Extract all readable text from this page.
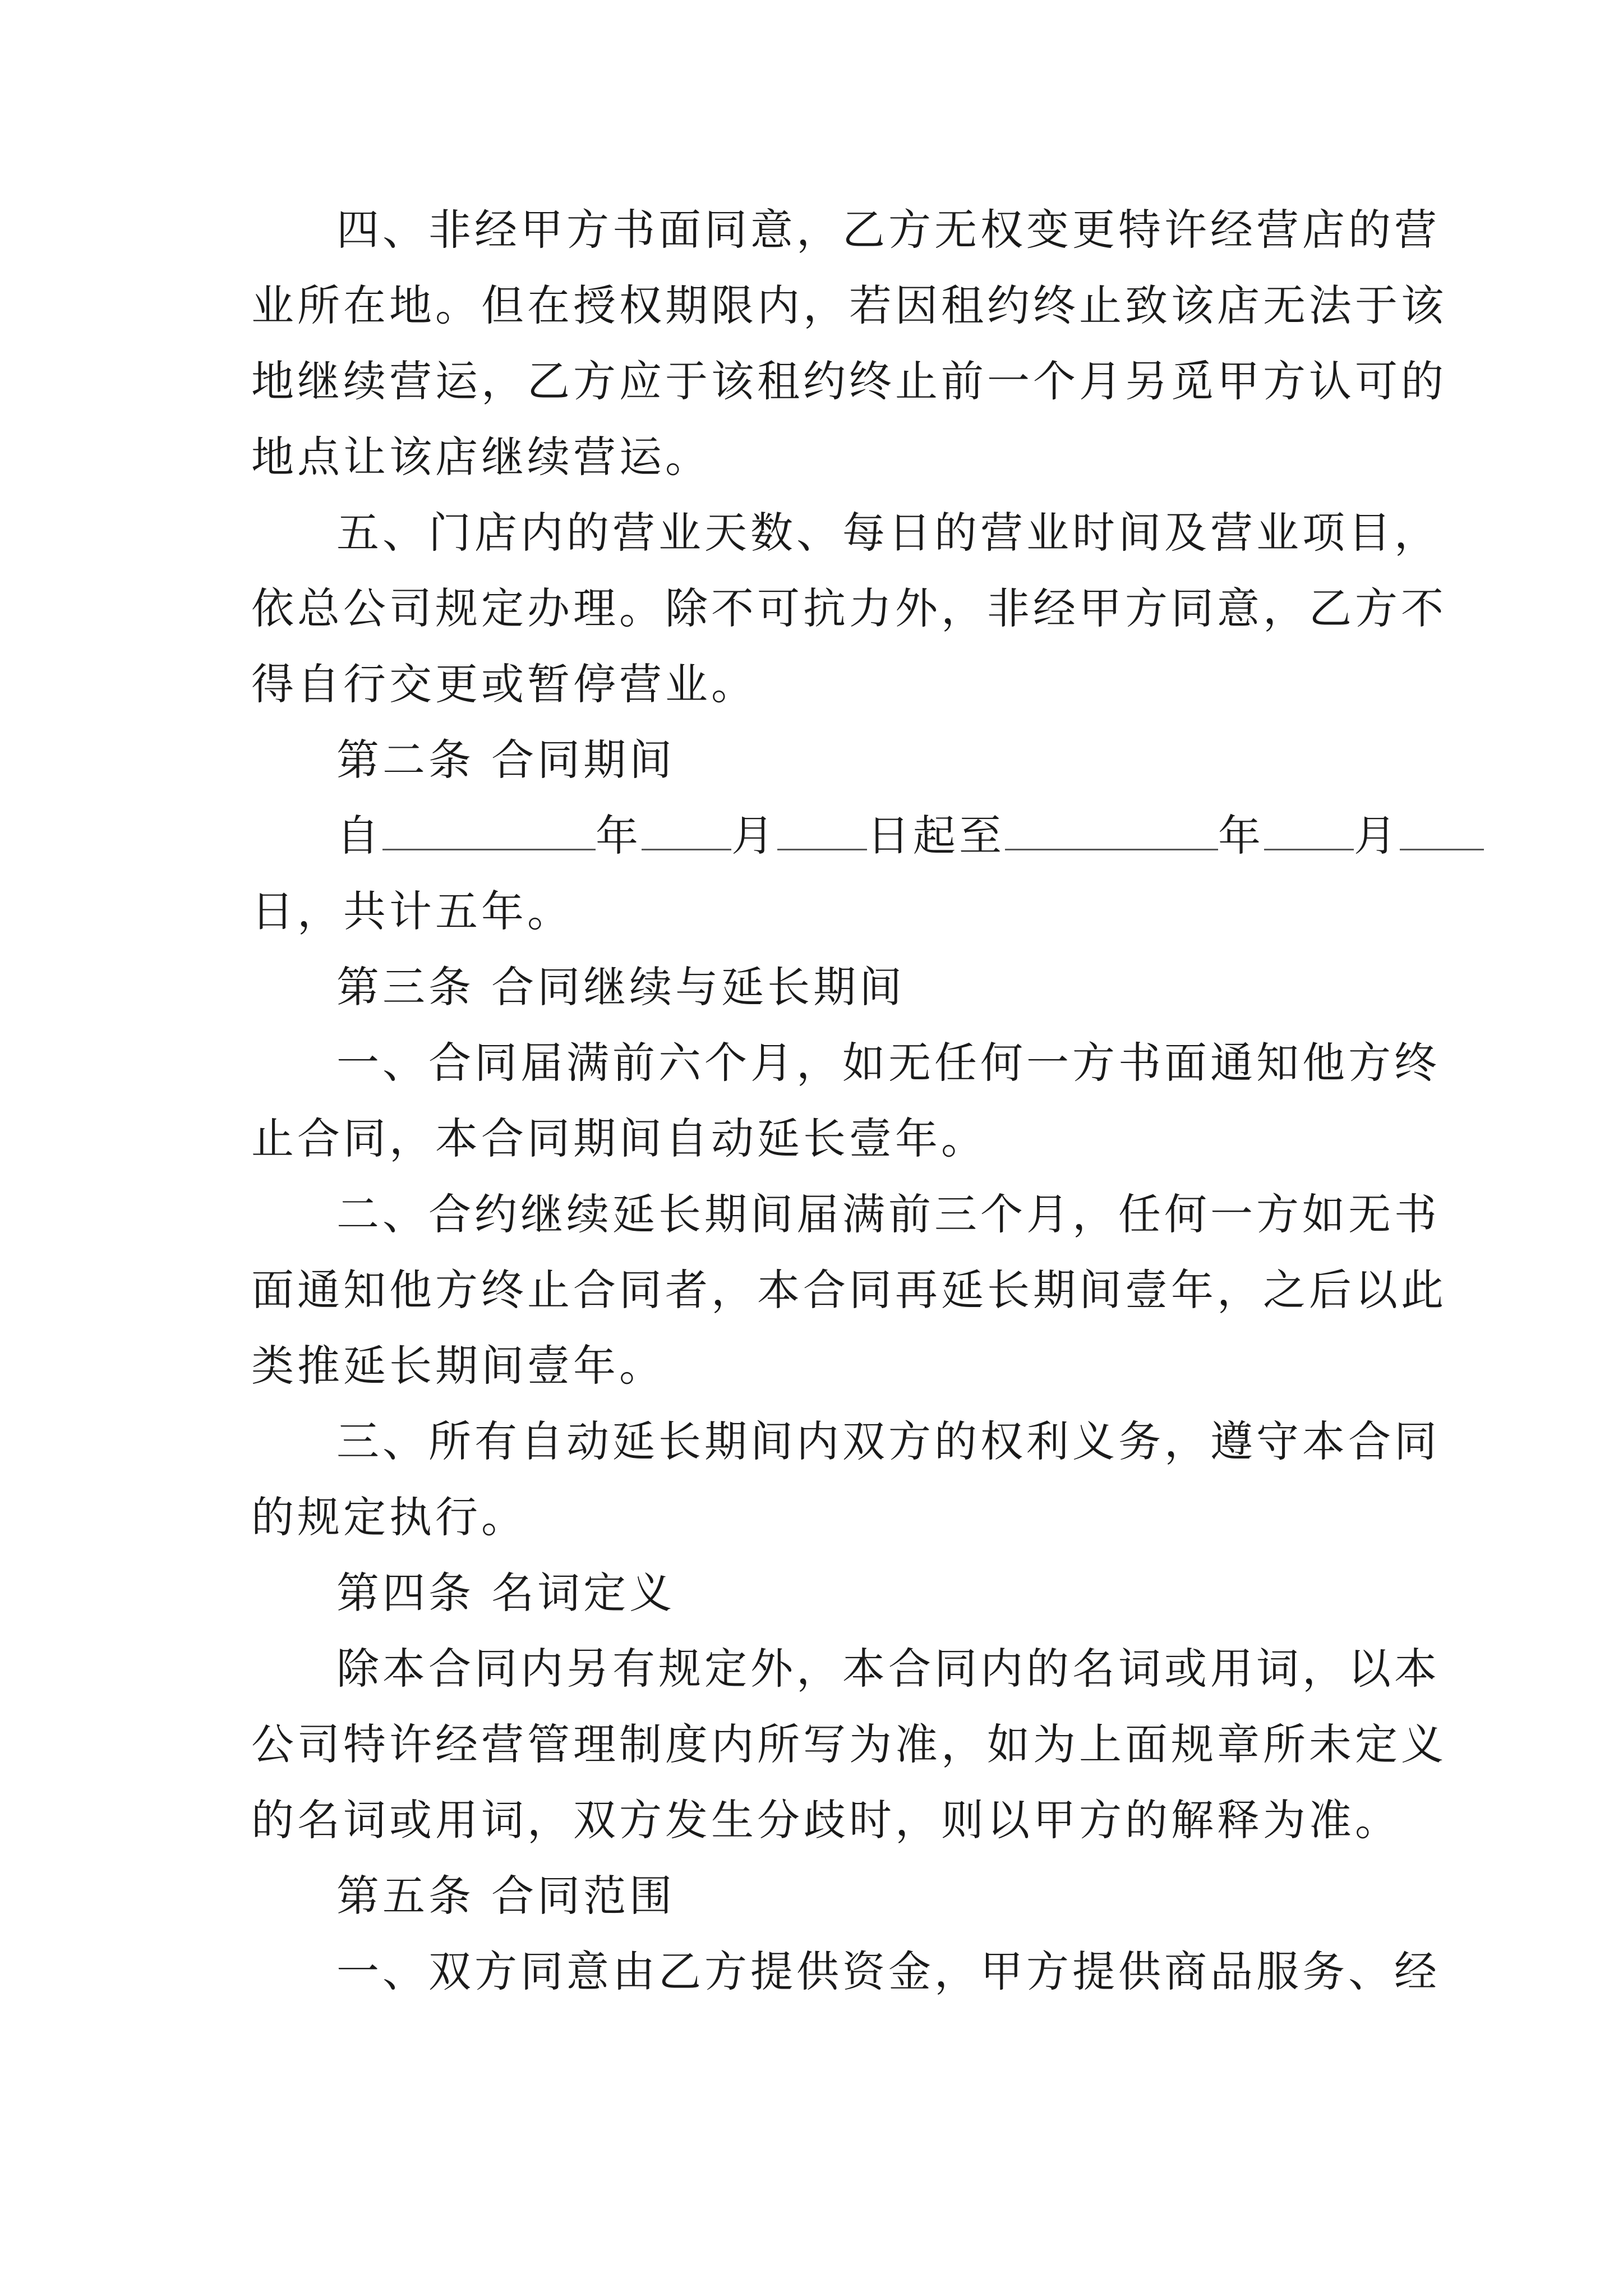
四、非经甲方书面同意，乙方无权变更特许经营店的营
业所在地。但在授权期限内，若因租约终止致该店无法于该
地继续营运，乙方应于该租约终止前一个月另觅甲方认可的
地点让该店继续营运。
五、门店内的营业天数、每日的营业时间及营业项目，
依总公司规定办理。除不可抗力外，非经甲方同意，乙方不
得自行交更或暂停营业。
第二条 合同期间
自	年 月 日起至	年 月
日，共计五年。
第三条 合同继续与延长期间
一、合同届满前六个月，如无任何一方书面通知他方终
止合同，本合同期间自动延长壹年。
二、合约继续延长期间届满前三个月，任何一方如无书
面通知他方终止合同者，本合同再延长期间壹年，之后以此
类推延长期间壹年。
三、所有自动延长期间内双方的权利义务，遵守本合同
的规定执行。
第四条 名词定义
除本合同内另有规定外，本合同内的名词或用词，以本
公司特许经营管理制度内所写为准，如为上面规章所未定义
的名词或用词，双方发生分歧时，则以甲方的解释为准。
第五条 合同范围
一、双方同意由乙方提供资金，甲方提供商品服务、经
